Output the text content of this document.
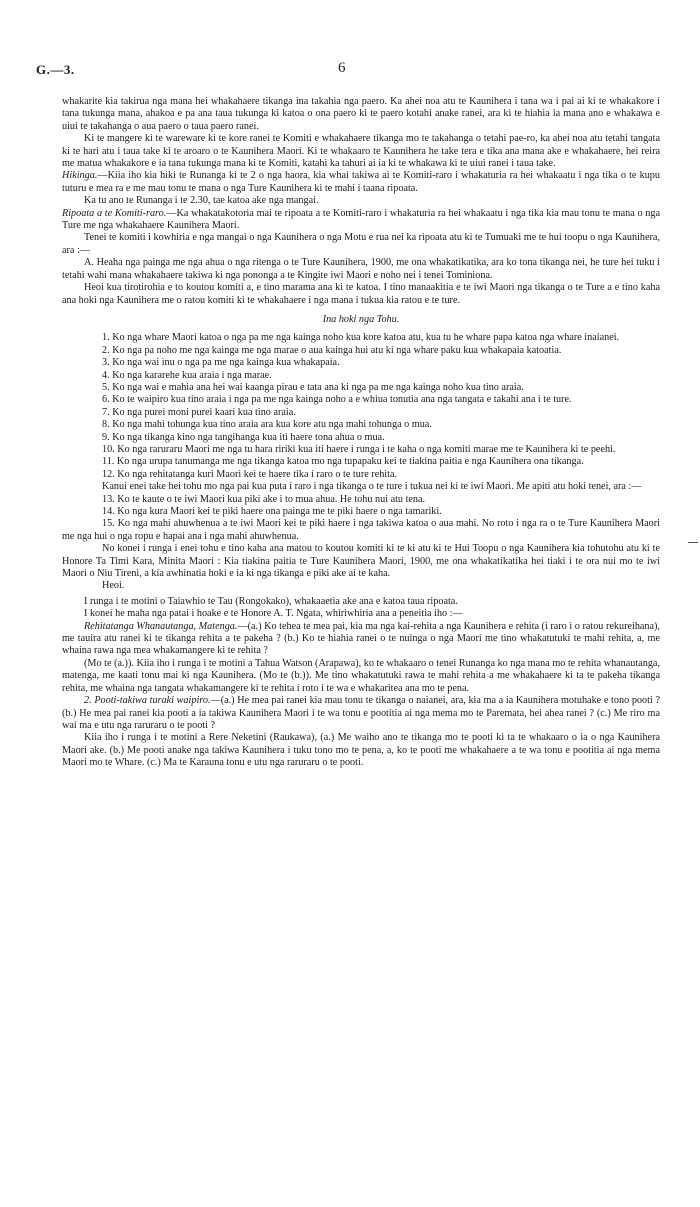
G.—3.	6

whakarite kia takirua nga mana hei whakahaere tikanga ina takahia nga paero. Ka ahei noa atu te Kaunihera i tana wa i pai ai ki te whakakore i tana tukunga mana, ahakoa e pa ana taua tukunga ki katoa o ona paero ki te paero kotahi anake ranei, ara ki te hiahia ia mana ano e whakawa e uiui te takahanga o aua paero o taua paero ranei.

Ki te mangere ki te wareware ki te kore ranei te Komiti e whakahaere tikanga mo te takahanga o tetahi pae-ro, ka ahei noa atu tetahi tangata ki te hari atu i taua take ki te aroaro o te Kaunihera Maori. Ki te whakaaro te Kaunihera he take tera e tika ana mana ake e whakahaere, hei reira me matua whakakore e ia tana tukunga mana ki te Komiti, katahi ka tahuri ai ia ki te whakawa ki te uiui ranei i taua take.

Hikinga.—Kiia iho kia hiki te Runanga ki te 2 o nga haora, kia whai takiwa ai te Komiti-raro i whakaturia ra hei whakaatu i nga tika o te kupu tuturu e mea ra e me mau tonu te mana o nga Ture Kaunihera ki te mahi i taana ripoata.

Ka tu ano te Runanga i te 2.30, tae katoa ake nga mangai.

Ripoata a te Komiti-raro.—Ka whakatakotoria mai te ripoata a te Komiti-raro i whakaturia ra hei whakaatu i nga tika kia mau tonu te mana o nga Ture me nga whakahaere Kaunihera Maori.

Tenei te komiti i kowhiria e nga mangai o nga Kaunihera o nga Motu e rua nei ka ripoata atu ki te Tumuaki me te hui toopu o nga Kaunihera, ara :—

A. Heaha nga painga me nga ahua o nga ritenga o te Ture Kaunihera, 1900, me ona whakatikatika, ara ko tona tikanga nei, he ture hei tuku i tetahi wahi mana whakahaere takiwa ki nga pononga a te Kingite iwi Maori e noho nei i tenei Tominiona.

Heoi kua tirotirohia e to koutou komiti a, e tino marama ana ki te katoa. I tino manaakitia e te iwi Maori nga tikanga o te Ture a e tino kaha ana hoki nga Kaunihera me o ratou komiti ki te whakahaere i nga mana i tukua kia ratou e te ture.

Ina hoki nga Tohu.

1. Ko nga whare Maori katoa o nga pa me nga kainga noho kua kore katoa atu, kua tu he whare papa katoa nga whare inaianei.

2. Ko nga pa noho me nga kainga me nga marae o aua kainga hui atu ki nga whare paku kua whakapaia katoatia.

3. Ko nga wai inu o nga pa me nga kainga kua whakapaia.

4. Ko nga kararehe kua araia i nga marae.

5. Ko nga wai e mahia ana hei wai kaanga pirau e tata ana ki nga pa me nga kainga noho kua tino araia.

6. Ko te waipiro kua tino araia i nga pa me nga kainga noho a e whiua tonutia ana nga tangata e takahi ana i te ture.

7. Ko nga purei moni purei kaari kua tino araia.

8. Ko nga mahi tohunga kua tino araia ara kua kore atu nga mahi tohunga o mua.

9. Ko nga tikanga kino nga tangihanga kua iti haere tona ahua o mua.

10. Ko nga raruraru Maori me nga tu hara ririki kua iti haere i runga i te kaha o nga komiti marae me te Kaunihera ki te peehi.

11. Ko nga urupa tanumanga me nga tikanga katoa mo nga tupapaku kei te tiakina paitia e nga Kaunihera ona tikanga.

12. Ko nga rehitatanga kuri Maori kei te haere tika i raro o te ture rehita.

Kanui enei take hei tohu mo nga pai kua puta i raro i nga tikanga o te ture i tukua nei ki te iwi Maori. Me apiti atu hoki tenei, ara :—

13. Ko te kaute o te iwi Maori kua piki ake i to mua ahua. He tohu nui atu tena.

14. Ko nga kura Maori kei te piki haere ona painga me te piki haere o nga tamariki.

15. Ko nga mahi ahuwhenua a te iwi Maori kei te piki haere i nga takiwa katoa o aua mahi. No roto i nga ra o te Ture Kaunihera Maori me nga hui o nga ropu e hapai ana i nga mahi ahuwhenua.

No konei i runga i enei tohu e tino kaha ana matou to koutou komiti ki te ki atu ki te Hui Toopu o nga Kaunihera kia tohutohu atu ki te Honore Ta Timi Kara, Minita Maori : Kia tiakina paitia te Ture Kaunihera Maori, 1900, me ona whakatikatika hei tiaki i te ora nui mo te iwi Maori o Niu Tireni, a kia awhinatia hoki e ia ki nga tikanga e piki ake ai te kaha.

Heoi.

I runga i te motini o Taiawhio te Tau (Rongokako), whakaaetia ake ana e katoa taua ripoata.

I konei he maha nga patai i hoake e te Honore A. T. Ngata, whiriwhiria ana a peneitia iho :—

Rehitatanga Whanautanga, Matenga.—(a.) Ko tehea te mea pai, kia ma nga kai-rehita a nga Kaunihera e rehita (i raro i o ratou rekureihana), me tauira atu ranei ki te tikanga rehita a te pakeha ? (b.) Ko te hiahia ranei o te nuinga o nga Maori me tino whakatutuki te mahi rehita, a, me whaina rawa nga mea whakamangere ki te rehita ?

(Mo te (a.)). Kiia iho i runga i te motini a Tahua Watson (Arapawa), ko te whakaaro o tenei Runanga ko nga mana mo te rehita whanautanga, matenga, me kaati tonu mai ki nga Kaunihera. (Mo te (b.)). Me tino whakatutuki rawa te mahi rehita a me whakahaere ki ta te pakeha tikanga rehita, me whaina nga tangata whakamangere ki te rehita i roto i te wa e whakaritea ana mo te pena.

2. Pooti-takiwa turaki waipiro.—(a.) He mea pai ranei kia mau tonu te tikanga o naianei, ara, kia ma a ia Kaunihera motuhake e tono pooti ? (b.) He mea pai ranei kia pooti a ia takiwa Kaunihera Maori i te wa tonu e pootitia ai nga mema mo te Paremata, hei ahea ranei ? (c.) Me riro ma wai ma e utu nga raruraru o te pooti ?

Kiia iho i runga i te motini a Rere Neketini (Raukawa), (a.) Me waiho ano te tikanga mo te pooti ki ta te whakaaro o ia o nga Kaunihera Maori ake. (b.) Me pooti anake nga takiwa Kaunihera i tuku tono mo te pena, a, ko te pooti me whakahaere a te wa tonu e pootitia ai nga mema Maori mo te Whare. (c.) Ma te Karauna tonu e utu nga raruraru o te pooti.
